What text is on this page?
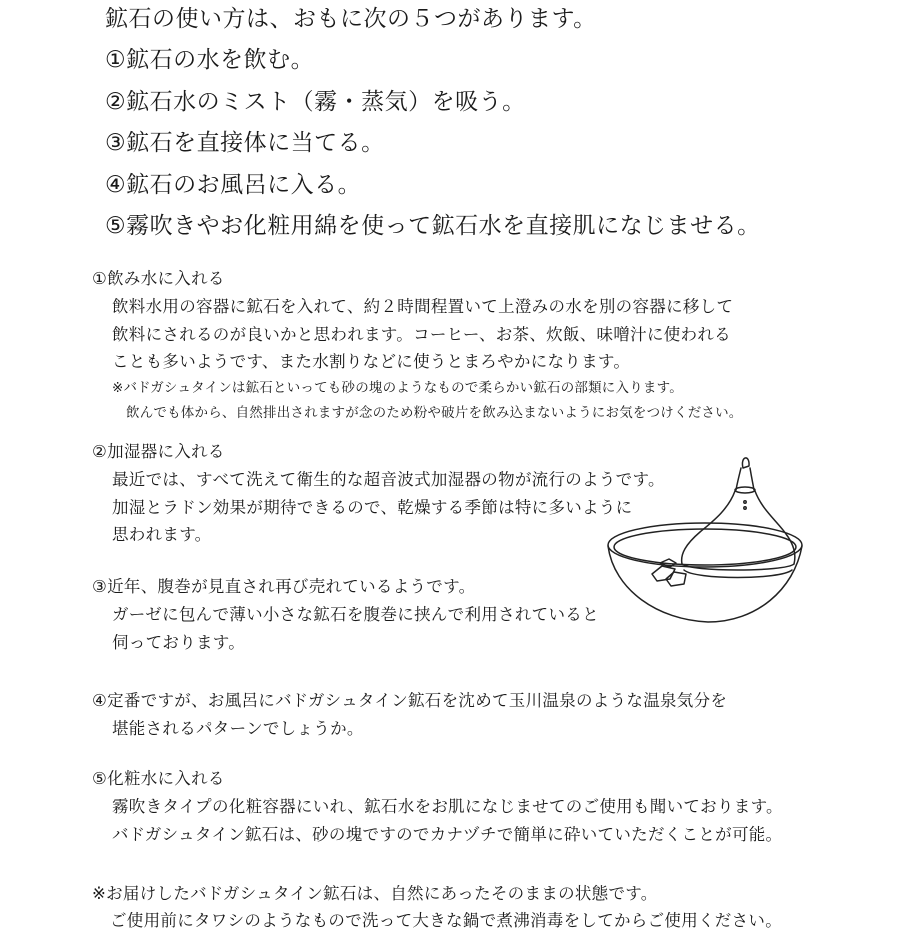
鉱石の使い方は、おもに次の５つがあります。
①鉱石の水を飲む。
②鉱石水のミスト（霧・蒸気）を吸う。
③鉱石を直接体に当てる。
④鉱石のお風呂に入る。
⑤霧吹きやお化粧用綿を使って鉱石水を直接肌になじませる。

①飲み水に入れる

飲料水用の容器に鉱石を入れて、約２時間程置いて上澄みの水を別の容器に移して

飲料にされるのが良いかと思われます。コーヒー、お茶、炊飯、味噌汁に使われる

ことも多いようです、また水割りなどに使うとまろやかになります。

※バドガシュタインは鉱石といっても砂の塊のようなもので柔らかい鉱石の部類に入ります。

飲んでも体から、自然排出されますが念のため粉や破片を飲み込まないようにお気をつけください。

②加湿器に入れる

最近では、すべて洗えて衛生的な超音波式加湿器の物が流行のようです。

加湿とラドン効果が期待できるので、乾燥する季節は特に多いように

思われます。

③近年、腹巻が見直され再び売れているようです。

ガーゼに包んで薄い小さな鉱石を腹巻に挟んで利用されていると

伺っております。

④定番ですが、お風呂にバドガシュタイン鉱石を沈めて玉川温泉のような温泉気分を

堪能されるパターンでしょうか。

⑤化粧水に入れる

霧吹きタイプの化粧容器にいれ、鉱石水をお肌になじませてのご使用も聞いております。

バドガシュタイン鉱石は、砂の塊ですのでカナヅチで簡単に砕いていただくことが可能。

※お届けしたバドガシュタイン鉱石は、自然にあったそのままの状態です。

ご使用前にタワシのようなもので洗って大きな鍋で煮沸消毒をしてからご使用ください。
